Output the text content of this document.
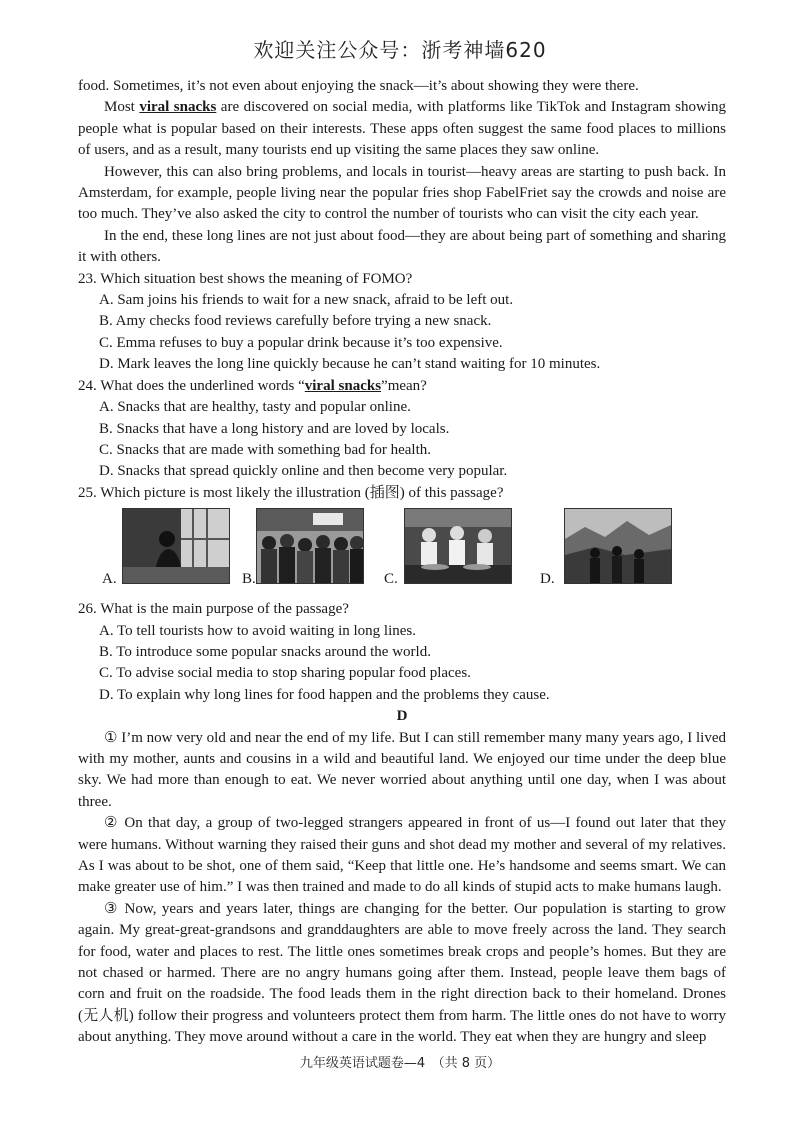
欢迎关注公众号：浙考神墙620

food. Sometimes, it’s not even about enjoying the snack—it’s about showing they were there.

Most viral snacks are discovered on social media, with platforms like TikTok and Instagram showing people what is popular based on their interests. These apps often suggest the same food places to millions of users, and as a result, many tourists end up visiting the same places they saw online.

However, this can also bring problems, and locals in tourist—heavy areas are starting to push back. In Amsterdam, for example, people living near the popular fries shop FabelFriet say the crowds and noise are too much. They’ve also asked the city to control the number of tourists who can visit the city each year.

In the end, these long lines are not just about food—they are about being part of something and sharing it with others.

23. Which situation best shows the meaning of FOMO?

A. Sam joins his friends to wait for a new snack, afraid to be left out.

B. Amy checks food reviews carefully before trying a new snack.

C. Emma refuses to buy a popular drink because it’s too expensive.

D. Mark leaves the long line quickly because he can’t stand waiting for 10 minutes.

24. What does the underlined words “viral snacks”mean?

A. Snacks that are healthy, tasty and popular online.

B. Snacks that have a long history and are loved by locals.

C. Snacks that are made with something bad for health.

D. Snacks that spread quickly online and then become very popular.

25. Which picture is most likely the illustration (插图) of this passage?

A.	B.	C.	D.

26. What is the main purpose of the passage?

A. To tell tourists how to avoid waiting in long lines.

B. To introduce some popular snacks around the world.

C. To advise social media to stop sharing popular food places.

D. To explain why long lines for food happen and the problems they cause.

D

① I’m now very old and near the end of my life. But I can still remember many many years ago, I lived with my mother, aunts and cousins in a wild and beautiful land. We enjoyed our time under the deep blue sky. We had more than enough to eat. We never worried about anything until one day, when I was about three.

② On that day, a group of two-legged strangers appeared in front of us—I found out later that they were humans. Without warning they raised their guns and shot dead my mother and several of my relatives. As I was about to be shot, one of them said, “Keep that little one. He’s handsome and seems smart. We can make greater use of him.” I was then trained and made to do all kinds of stupid acts to make humans laugh.

③ Now, years and years later, things are changing for the better. Our population is starting to grow again. My great-great-grandsons and granddaughters are able to move freely across the land. They search for food, water and places to rest. The little ones sometimes break crops and people’s homes. But they are not chased or harmed. There are no angry humans going after them. Instead, people leave them bags of corn and fruit on the roadside. The food leads them in the right direction back to their homeland. Drones (无人机) follow their progress and volunteers protect them from harm. The little ones do not have to worry about anything. They move around without a care in the world. They eat when they are hungry and sleep

九年级英语试题卷—4　（共 8 页）
